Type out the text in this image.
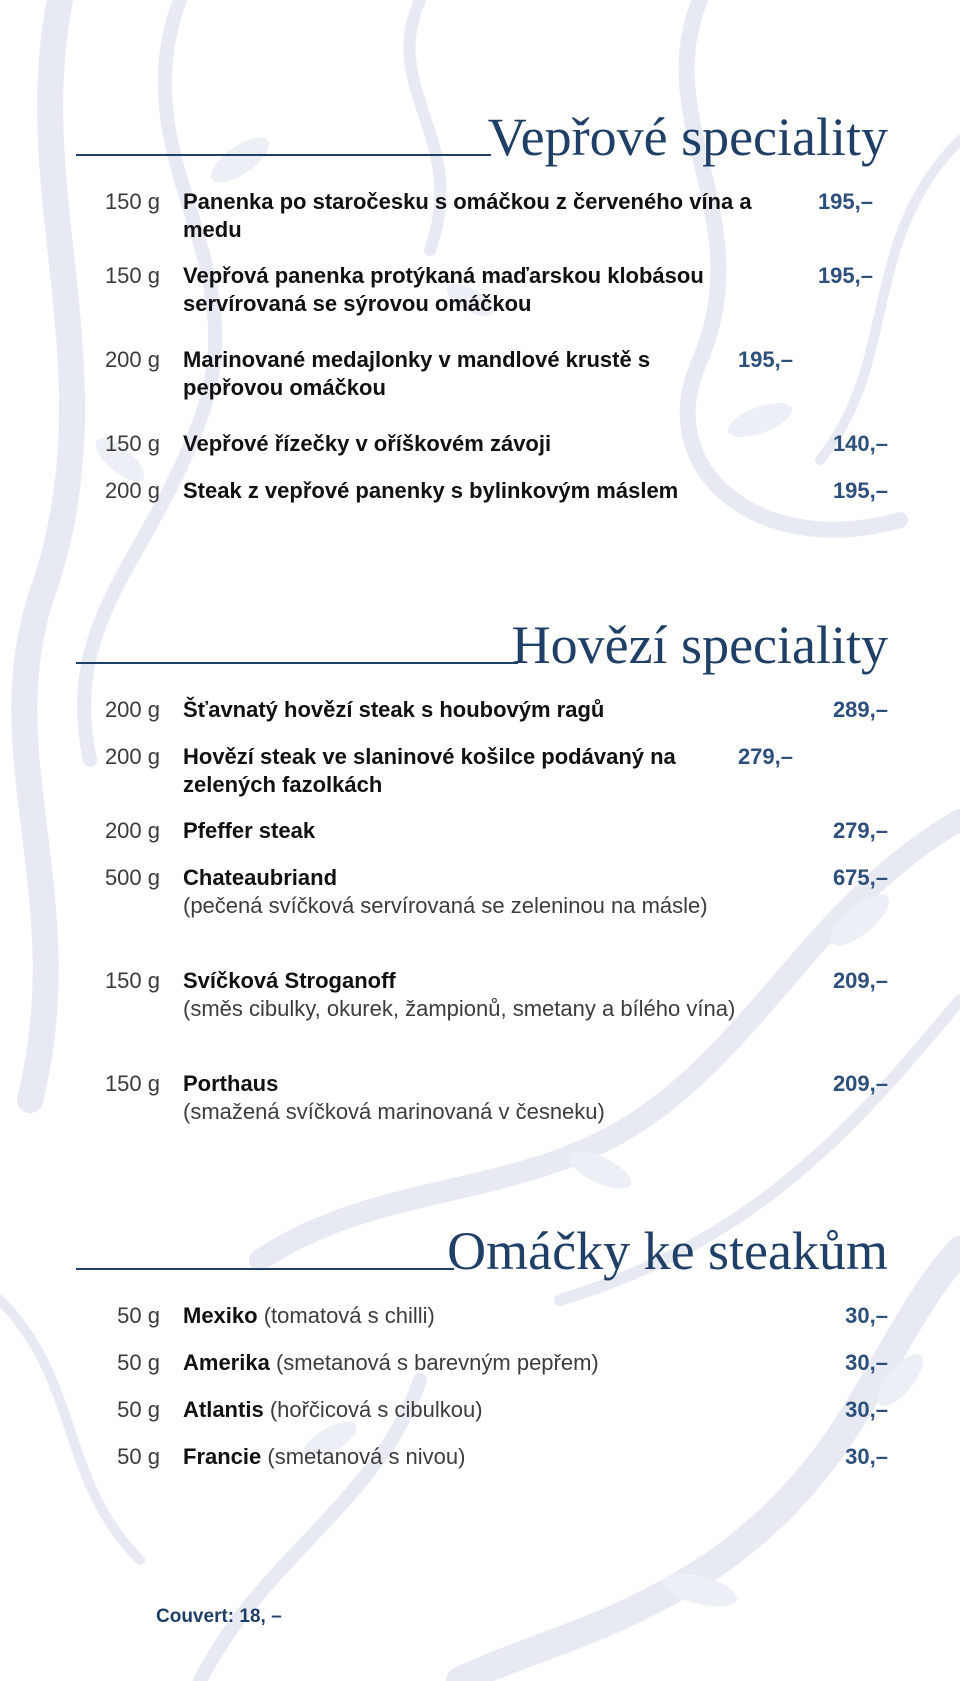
Vepřové speciality
150 g Panenka po staročesku s omáčkou z červeného vína a medu
195,–
150 g Vepřová panenka protýkaná maďarskou klobásou servírovaná se sýrovou omáčkou
195,–
200 g Marinované medajlonky v mandlové krustě s pepřovou omáčkou
195,–
150 g Vepřové řízečky v oříškovém závoji	140,–
200 g Steak z vepřové panenky s bylinkovým máslem	195,–
Hovězí speciality
200 g Šťavnatý hovězí steak s houbovým ragů	289,–
200 g Hovězí steak ve slaninové košilce podávaný na zelených fazolkách
279,–
200 g Pfeffer steak	279,–
500 g Chateaubriand
(pečená svíčková servírovaná se zeleninou na másle)
675,–
150 g Svíčková Stroganoff
(směs cibulky, okurek, žampionů, smetany a bílého vína)
209,–
150 g Porthaus
(smažená svíčková marinovaná v česneku)
209,–
Omáčky ke steakům
50 g Mexiko (tomatová s chilli)	30,–
50 g Amerika (smetanová s barevným pepřem)	30,–
50 g Atlantis (hořčicová s cibulkou)	30,–
50 g Francie (smetanová s nivou)	30,–
Couvert: 18, –
